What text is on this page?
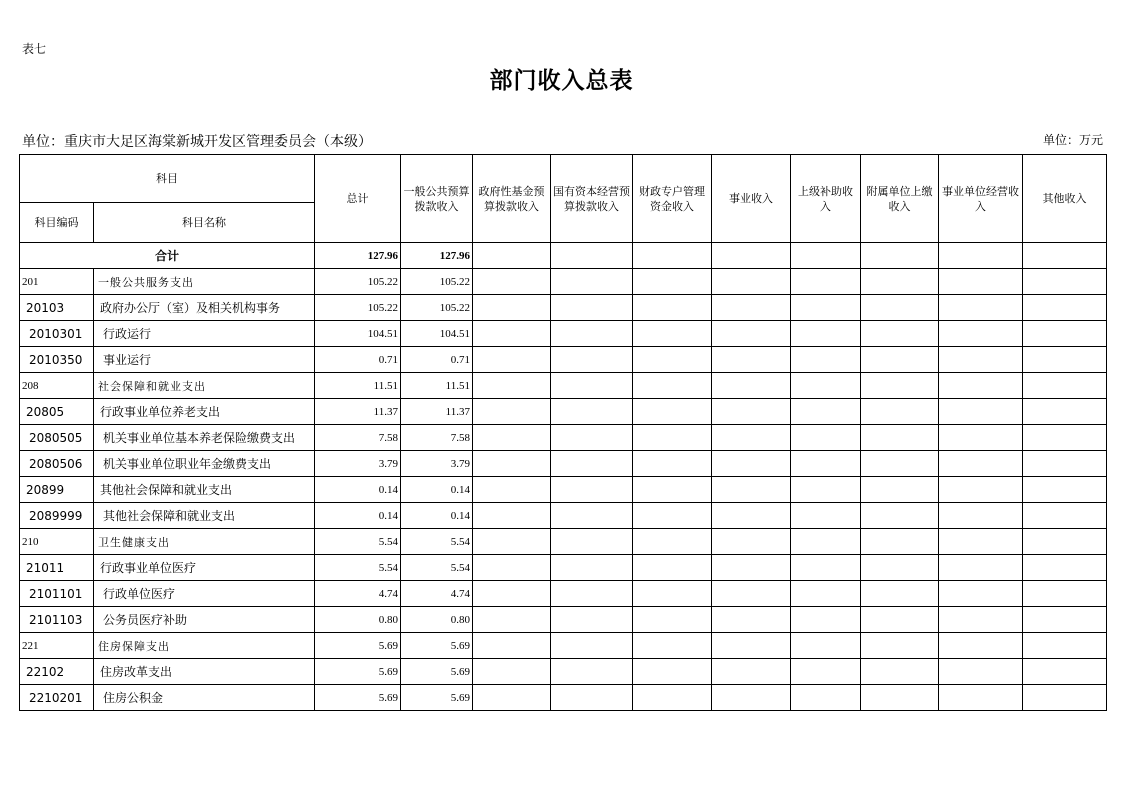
表七
部门收入总表
单位：重庆市大足区海棠新城开发区管理委员会（本级）	单位：万元
科目		总计	一般公共预算拨款收入	政府性基金预算拨款收入	国有资本经营预算拨款收入	财政专户管理资金收入	事业收入	上级补助收入	附属单位上缴收入	事业单位经营收入	其他收入
科目编码	科目名称										
合计		127.96	127.96								
201	一般公共服务支出	105.22	105.22								
20103	政府办公厅（室）及相关机构事务	105.22	105.22								
2010301	行政运行	104.51	104.51								
2010350	事业运行	0.71	0.71								
208	社会保障和就业支出	11.51	11.51								
20805	行政事业单位养老支出	11.37	11.37								
2080505	机关事业单位基本养老保险缴费支出	7.58	7.58								
2080506	机关事业单位职业年金缴费支出	3.79	3.79								
20899	其他社会保障和就业支出	0.14	0.14								
2089999	其他社会保障和就业支出	0.14	0.14								
210	卫生健康支出	5.54	5.54								
21011	行政事业单位医疗	5.54	5.54								
2101101	行政单位医疗	4.74	4.74								
2101103	公务员医疗补助	0.80	0.80								
221	住房保障支出	5.69	5.69								
22102	住房改革支出	5.69	5.69								
2210201	住房公积金	5.69	5.69								
